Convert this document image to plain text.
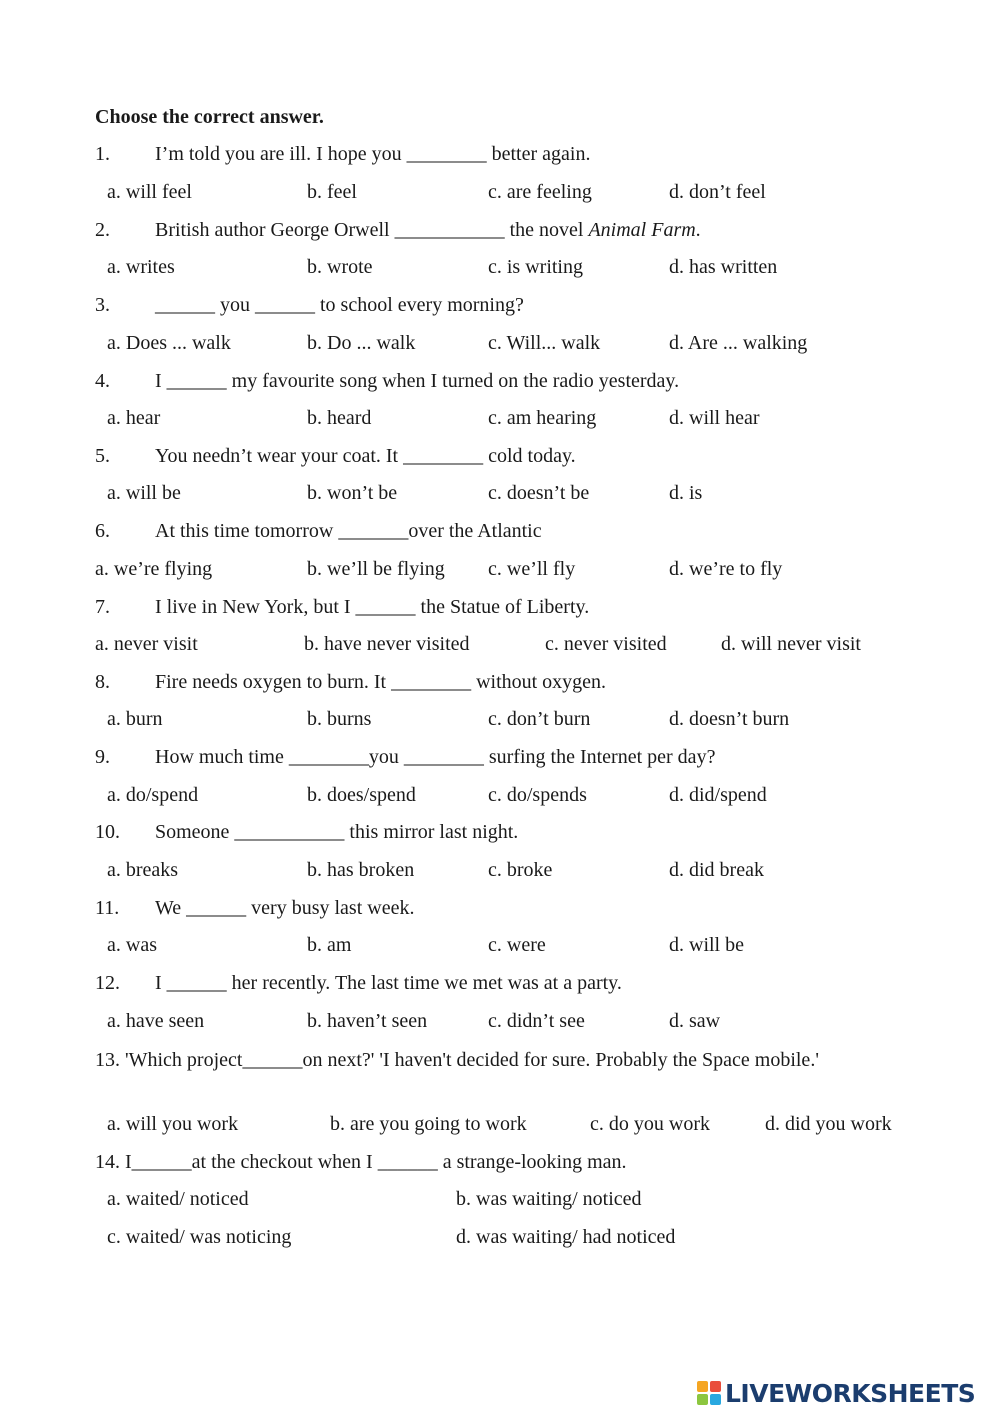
Choose the correct answer.
1. I’m told you are ill. I hope you ________ better again.
a. will feel	b. feel	c. are feeling	d. don’t feel
2. British author George Orwell ___________ the novel Animal Farm.
a. writes	b. wrote	c. is writing	d. has written
3. ______ you ______ to school every morning?
a. Does ... walk	b. Do ... walk	c. Will... walk	d. Are ... walking
4. I ______ my favourite song when I turned on the radio yesterday.
a. hear	b. heard	c. am hearing	d. will hear
5. You needn’t wear your coat. It ________ cold today.
a. will be	b. won’t be	c. doesn’t be	d. is
6. At this time tomorrow _______over the Atlantic
a. we’re flying	b. we’ll be flying c. we’ll fly	d. we’re to fly
7. I live in New York, but I ______ the Statue of Liberty.
a. never visit	b. have never visited	c. never visited	d. will never visit
8. Fire needs oxygen to burn. It ________ without oxygen.
a. burn	b. burns	c. don’t burn	d. doesn’t burn
9. How much time ________you ________ surfing the Internet per day?
a. do/spend	b. does/spend	c. do/spends	d. did/spend
10. Someone ___________ this mirror last night.
a. breaks	b. has broken	c. broke	d. did break
11. We ______ very busy last week.
a. was	b. am	c. were	d. will be
12. I ______ her recently. The last time we met was at a party.
a. have seen	b. haven’t seen	c. didn’t see	d. saw
13. 'Which project______on next?' 'I haven't decided for sure. Probably the Space mobile.'
a. will you work	b. are you going to work	c. do you work	d. did you work
14. I______at the checkout when I ______ a strange-looking man.
a. waited/ noticed	b. was waiting/ noticed
c. waited/ was noticing	d. was waiting/ had noticed
LIVEWORKSHEETS
